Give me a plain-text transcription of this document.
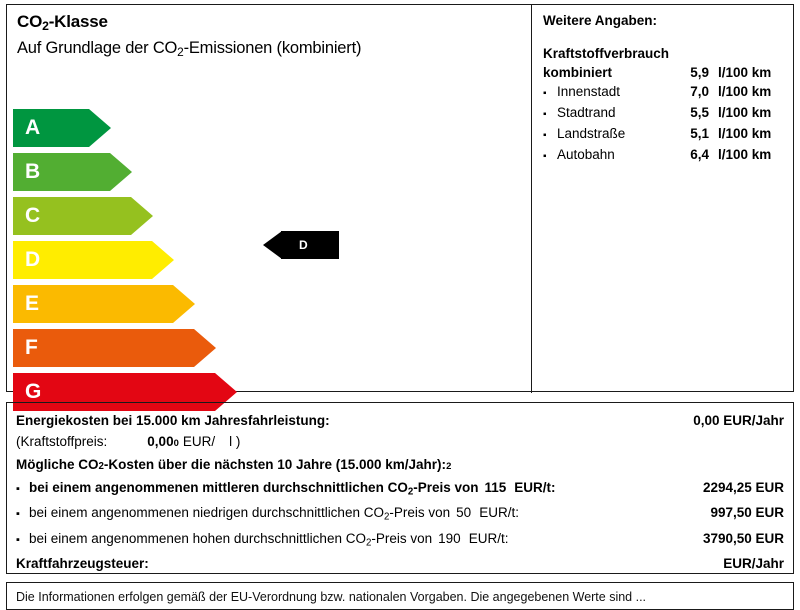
$CO_2$-Klasse
Auf Grundlage der $CO_2$-Emissionen (kombiniert)
A
B
C
D
E
F
G
D
Weitere Angaben:
Kraftstoffverbrauch
kombiniert	5,9 l/100 km
▪ Innenstadt	7,0 l/100 km
▪ Stadtrand	5,5 l/100 km
▪ Landstraße	5,1 l/100 km
▪ Autobahn	6,4 l/100 km
Energiekosten bei 15.000 km Jahresfahrleistung:	0,00 EUR/Jahr
(Kraftstoffpreis:	0,00 0 EUR/	l )
Mögliche CO 2 -Kosten über die nächsten 10 Jahre (15.000 km/Jahr): 2
▪ bei einem angenommenen mittleren durchschnittlichen $CO_2$-Preis von 115 EUR/t:	2294,25 EUR
▪ bei einem angenommenen niedrigen durchschnittlichen $CO_2$-Preis von 50 EUR/t:	997,50 EUR
▪ bei einem angenommenen hohen durchschnittlichen $CO_2$-Preis von 190 EUR/t:	3790,50 EUR
Kraftfahrzeugsteuer:	EUR/Jahr
Die Informationen erfolgen gemäß der EU-Verordnung bzw. nationalen Vorgaben. Die angegebenen Werte sind ...
